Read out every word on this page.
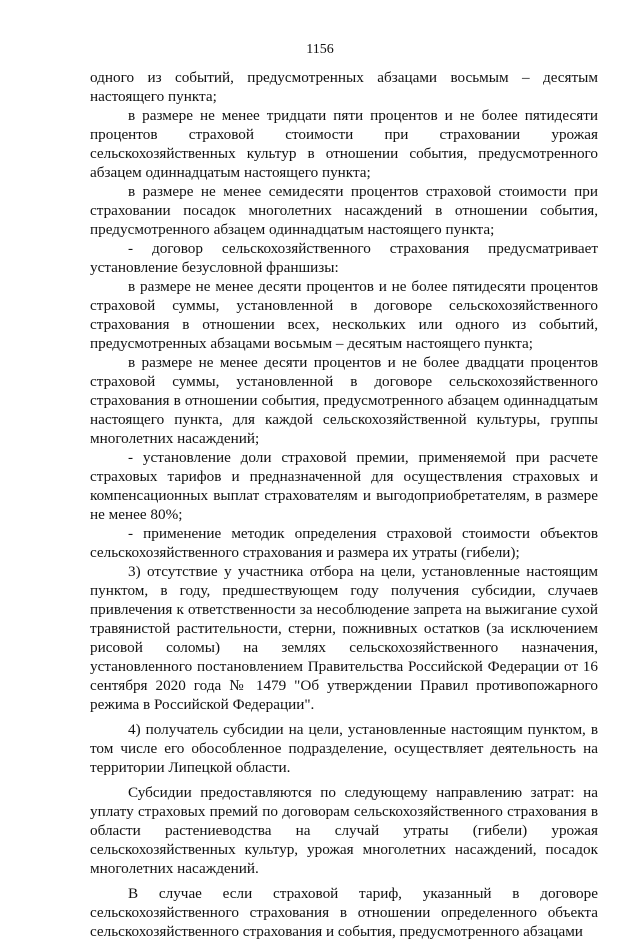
1156

одного из событий, предусмотренных абзацами восьмым – десятым настоящего пункта;

в размере не менее тридцати пяти процентов и не более пятидесяти процентов страховой стоимости при страховании урожая сельскохозяйственных культур в отношении события, предусмотренного абзацем одиннадцатым настоящего пункта;

в размере не менее семидесяти процентов страховой стоимости при страховании посадок многолетних насаждений в отношении события, предусмотренного абзацем одиннадцатым настоящего пункта;

- договор сельскохозяйственного страхования предусматривает установление безусловной франшизы:

в размере не менее десяти процентов и не более пятидесяти процентов страховой суммы, установленной в договоре сельскохозяйственного страхования в отношении всех, нескольких или одного из событий, предусмотренных абзацами восьмым – десятым настоящего пункта;

в размере не менее десяти процентов и не более двадцати процентов страховой суммы, установленной в договоре сельскохозяйственного страхования в отношении события, предусмотренного абзацем одиннадцатым настоящего пункта, для каждой сельскохозяйственной культуры, группы многолетних насаждений;

- установление доли страховой премии, применяемой при расчете страховых тарифов и предназначенной для осуществления страховых и компенсационных выплат страхователям и выгодоприобретателям, в размере не менее 80%;

- применение методик определения страховой стоимости объектов сельскохозяйственного страхования и размера их утраты (гибели);

3) отсутствие у участника отбора на цели, установленные настоящим пунктом, в году, предшествующем году получения субсидии, случаев привлечения к ответственности за несоблюдение запрета на выжигание сухой травянистой растительности, стерни, пожнивных остатков (за исключением рисовой соломы) на землях сельскохозяйственного назначения, установленного постановлением Правительства Российской Федерации от 16 сентября 2020 года № 1479 "Об утверждении Правил противопожарного режима в Российской Федерации".

4) получатель субсидии на цели, установленные настоящим пунктом, в том числе его обособленное подразделение, осуществляет деятельность на территории Липецкой области.

Субсидии предоставляются по следующему направлению затрат: на уплату страховых премий по договорам сельскохозяйственного страхования в области растениеводства на случай утраты (гибели) урожая сельскохозяйственных культур, урожая многолетних насаждений, посадок многолетних насаждений.

В случае если страховой тариф, указанный в договоре сельскохозяйственного страхования в отношении определенного объекта сельскохозяйственного страхования и события, предусмотренного абзацами
